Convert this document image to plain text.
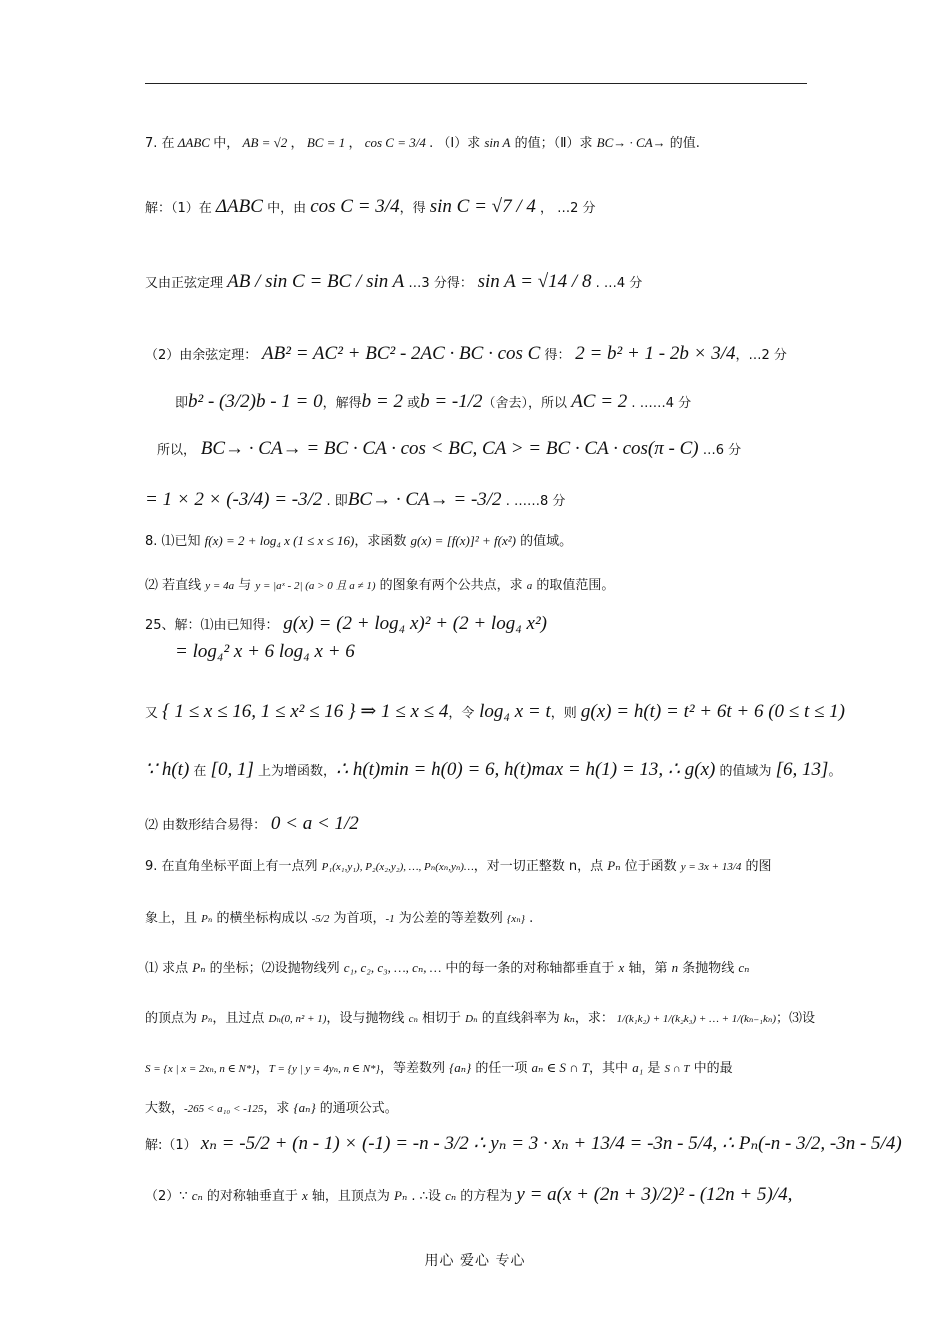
7. 在 ΔABC 中， AB = √2 ， BC = 1 ， cos C = 3/4 . （Ⅰ）求 sin A 的值；（Ⅱ）求 BC→ · CA→ 的值.
解：（1）在 ΔABC 中，由 cos C = 3/4，得 sin C = √7 / 4 ， …2 分
又由正弦定理 AB / sin C = BC / sin A …3 分得： sin A = √14 / 8 . …4 分
（2）由余弦定理： AB² = AC² + BC² - 2AC · BC · cos C 得： 2 = b² + 1 - 2b × 3/4，…2 分
即b² - (3/2)b - 1 = 0，解得b = 2 或b = -1/2（舍去），所以 AC = 2 . ……4 分
所以， BC→ · CA→ = BC · CA · cos < BC, CA > = BC · CA · cos(π - C) …6 分
= 1 × 2 × (-3/4) = -3/2 . 即BC→ · CA→ = -3/2 . ……8 分
8. ⑴已知 f(x) = 2 + log₄ x (1 ≤ x ≤ 16)，求函数 g(x) = [f(x)]² + f(x²) 的值域。
⑵ 若直线 y = 4a 与 y = |aˣ - 2| (a > 0 且 a ≠ 1) 的图象有两个公共点，求 a 的取值范围。
25、解：⑴由已知得： g(x) = (2 + log₄ x)² + (2 + log₄ x²)
= log₄² x + 6 log₄ x + 6
又 { 1 ≤ x ≤ 16, 1 ≤ x² ≤ 16 } ⇒ 1 ≤ x ≤ 4，令 log₄ x = t，则 g(x) = h(t) = t² + 6t + 6 (0 ≤ t ≤ 1)
∵ h(t) 在 [0, 1] 上为增函数，∴ h(t)min = h(0) = 6, h(t)max = h(1) = 13, ∴ g(x) 的值域为 [6, 13]。
⑵ 由数形结合易得： 0 < a < 1/2
9. 在直角坐标平面上有一点列 P₁(x₁,y₁), P₂(x₂,y₂), …, Pₙ(xₙ,yₙ)…，对一切正整数 n，点 Pₙ 位于函数 y = 3x + 13/4 的图
象上，且 Pₙ 的横坐标构成以 -5/2 为首项，-1 为公差的等差数列 {xₙ} .
⑴ 求点 Pₙ 的坐标；⑵设抛物线列 c₁, c₂, c₃, …, cₙ, … 中的每一条的对称轴都垂直于 x 轴，第 n 条抛物线 cₙ
的顶点为 Pₙ，且过点 Dₙ(0, n² + 1)，设与抛物线 cₙ 相切于 Dₙ 的直线斜率为 kₙ，求： 1/(k₁k₂) + 1/(k₂k₃) + … + 1/(kₙ₋₁kₙ)；⑶设
S = {x | x = 2xₙ, n ∈ N*}，T = {y | y = 4yₙ, n ∈ N*}，等差数列 {aₙ} 的任一项 aₙ ∈ S ∩ T，其中 a₁ 是 S ∩ T 中的最
大数，-265 < a₁₀ < -125，求 {aₙ} 的通项公式。
解:（1） xₙ = -5/2 + (n - 1) × (-1) = -n - 3/2 ∴ yₙ = 3 · xₙ + 13/4 = -3n - 5/4, ∴ Pₙ(-n - 3/2, -3n - 5/4)
（2）∵ cₙ 的对称轴垂直于 x 轴，且顶点为 Pₙ . ∴设 cₙ 的方程为 y = a(x + (2n + 3)/2)² - (12n + 5)/4,
用心 爱心 专心
